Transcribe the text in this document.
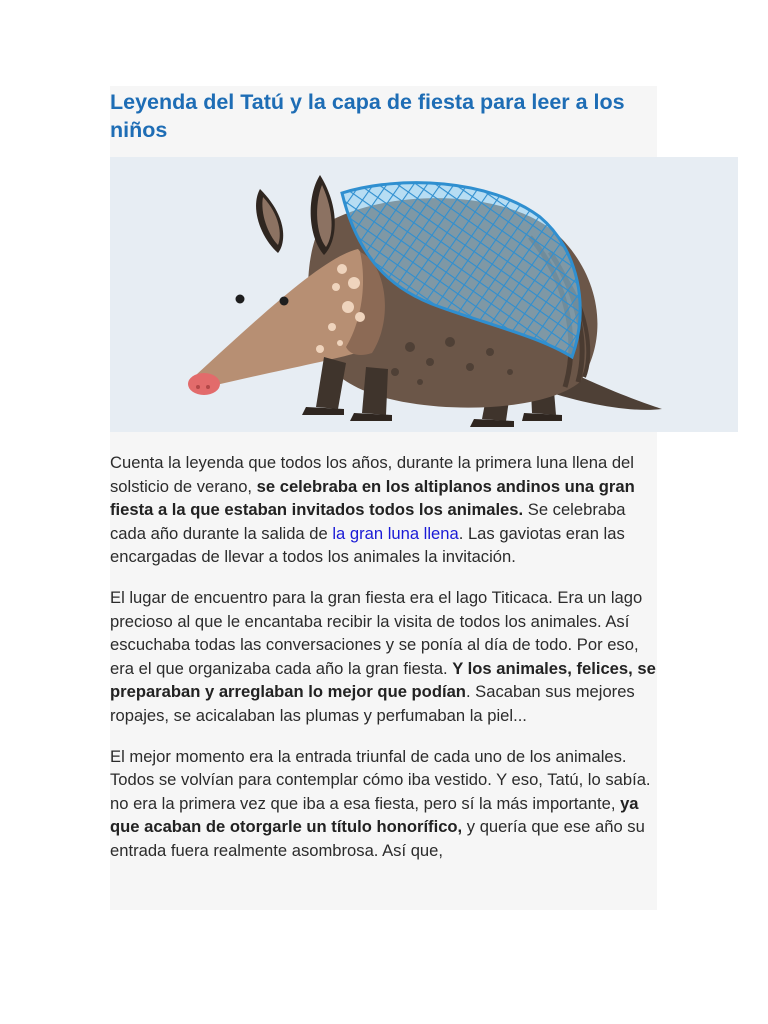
Leyenda del Tatú y la capa de fiesta para leer a los niños

Cuenta la leyenda que todos los años, durante la primera luna llena del solsticio de verano, se celebraba en los altiplanos andinos una gran fiesta a la que estaban invitados todos los animales. Se celebraba cada año durante la salida de la gran luna llena. Las gaviotas eran las encargadas de llevar a todos los animales la invitación.

El lugar de encuentro para la gran fiesta era el lago Titicaca. Era un lago precioso al que le encantaba recibir la visita de todos los animales. Así escuchaba todas las conversaciones y se ponía al día de todo. Por eso, era el que organizaba cada año la gran fiesta. Y los animales, felices, se preparaban y arreglaban lo mejor que podían. Sacaban sus mejores ropajes, se acicalaban las plumas y perfumaban la piel...

El mejor momento era la entrada triunfal de cada uno de los animales. Todos se volvían para contemplar cómo iba vestido. Y eso, Tatú, lo sabía. no era la primera vez que iba a esa fiesta, pero sí la más importante, ya que acaban de otorgarle un título honorífico, y quería que ese año su entrada fuera realmente asombrosa. Así que,
